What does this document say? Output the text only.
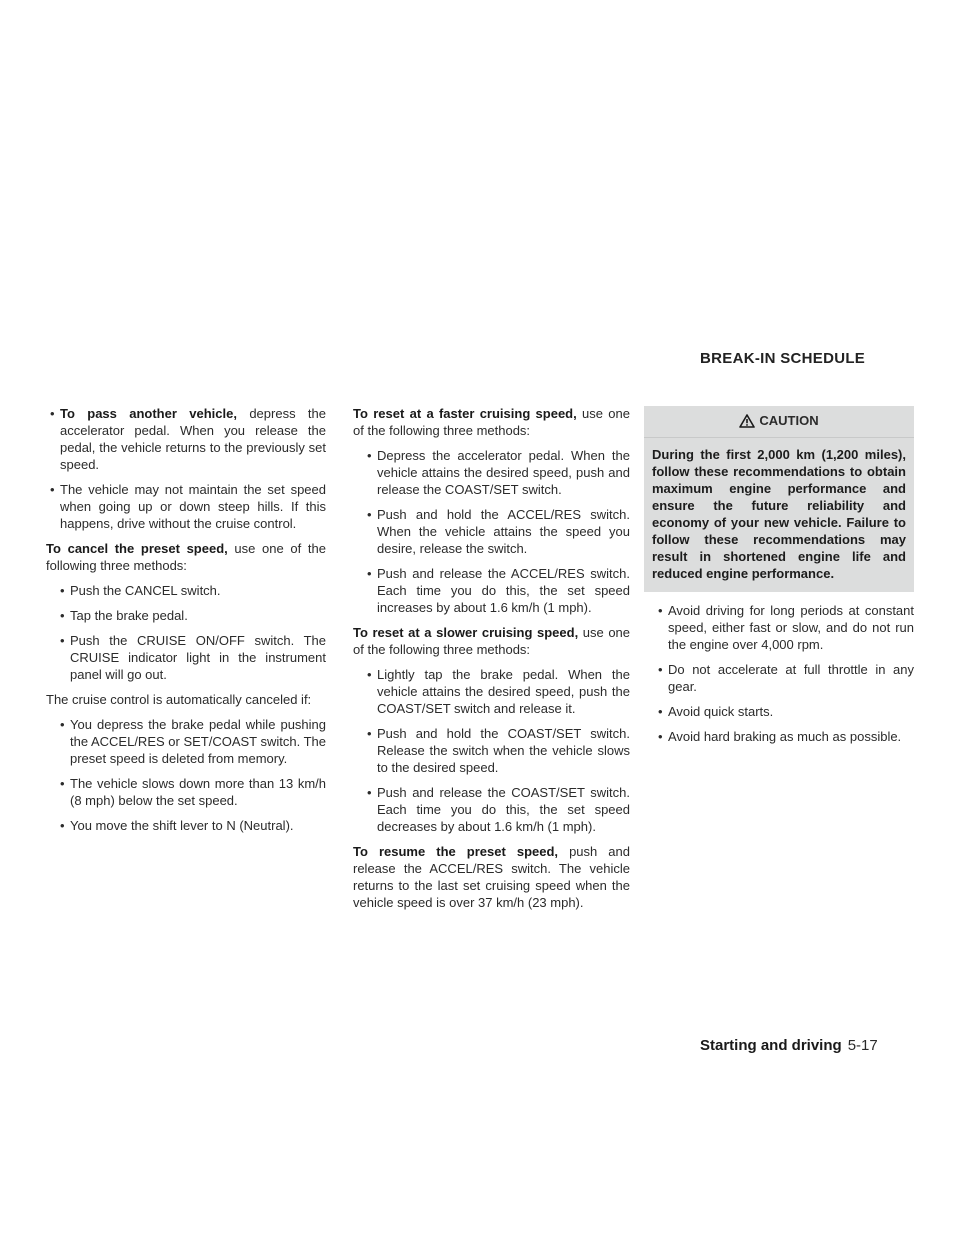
BREAK-IN SCHEDULE
• To pass another vehicle, depress the accelerator pedal. When you release the pedal, the vehicle returns to the previously set speed.
• The vehicle may not maintain the set speed when going up or down steep hills. If this happens, drive without the cruise control.

To cancel the preset speed, use one of the following three methods:

• Push the CANCEL switch.
• Tap the brake pedal.
• Push the CRUISE ON/OFF switch. The CRUISE indicator light in the instrument panel will go out.

The cruise control is automatically canceled if:

• You depress the brake pedal while pushing the ACCEL/RES or SET/COAST switch. The preset speed is deleted from memory.
• The vehicle slows down more than 13 km/h (8 mph) below the set speed.
• You move the shift lever to N (Neutral).

To reset at a faster cruising speed, use one of the following three methods:

• Depress the accelerator pedal. When the vehicle attains the desired speed, push and release the COAST/SET switch.
• Push and hold the ACCEL/RES switch. When the vehicle attains the speed you desire, release the switch.
• Push and release the ACCEL/RES switch. Each time you do this, the set speed increases by about 1.6 km/h (1 mph).

To reset at a slower cruising speed, use one of the following three methods:

• Lightly tap the brake pedal. When the vehicle attains the desired speed, push the COAST/SET switch and release it.
• Push and hold the COAST/SET switch. Release the switch when the vehicle slows to the desired speed.
• Push and release the COAST/SET switch. Each time you do this, the set speed decreases by about 1.6 km/h (1 mph).

To resume the preset speed, push and release the ACCEL/RES switch. The vehicle returns to the last set cruising speed when the vehicle speed is over 37 km/h (23 mph).

CAUTION
During the first 2,000 km (1,200 miles), follow these recommendations to obtain maximum engine performance and ensure the future reliability and economy of your new vehicle. Failure to follow these recommendations may result in shortened engine life and reduced engine performance.
• Avoid driving for long periods at constant speed, either fast or slow, and do not run the engine over 4,000 rpm.
• Do not accelerate at full throttle in any gear.
• Avoid quick starts.
• Avoid hard braking as much as possible.
Starting and driving 5-17
